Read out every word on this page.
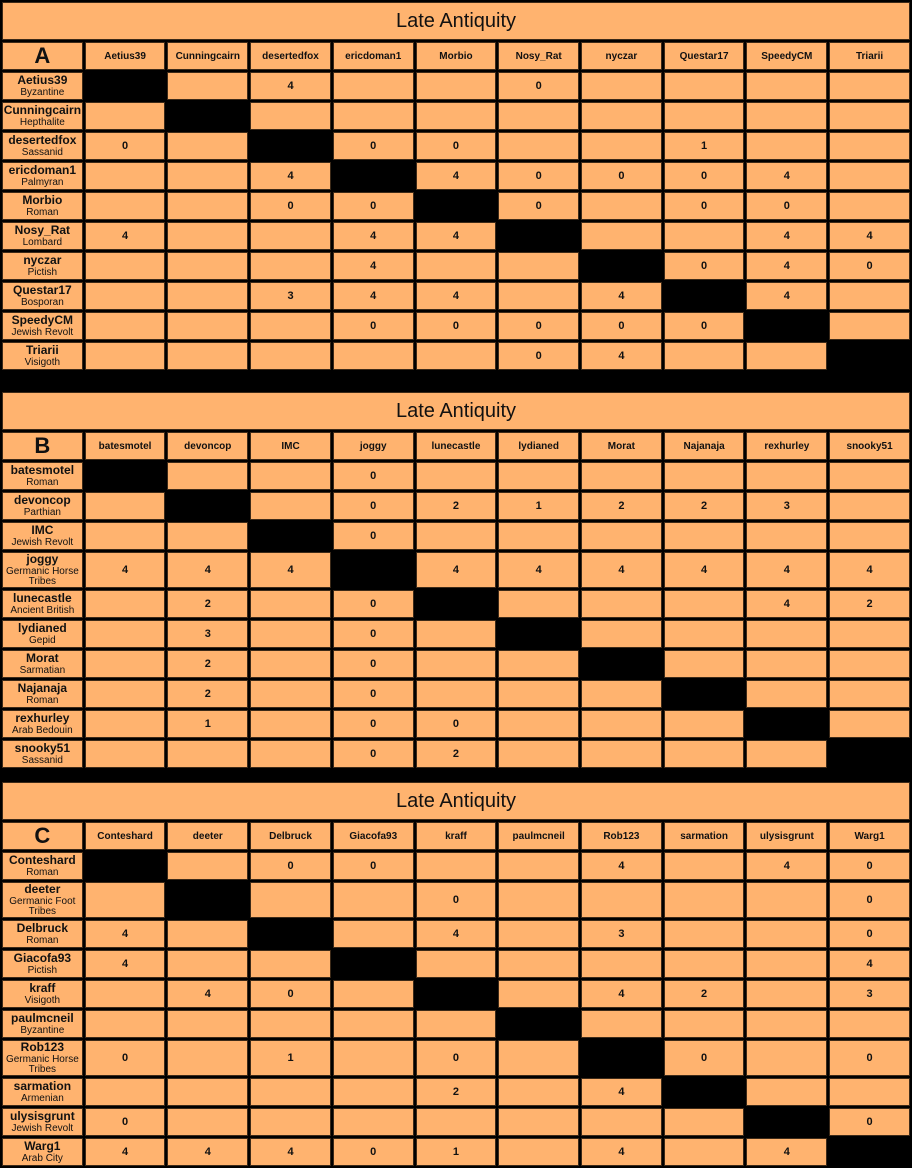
Late Antiquity										
A	Aetius39	Cunningcairn	desertedfox	ericdoman1	Morbio	Nosy_Rat	nyczar	Questar17	SpeedyCM	Triarii

Aetius39
Byzantine			4			0				

Cunningcairn
Hepthalite										

desertedfox
Sassanid	0			0	0			1		

ericdoman1
Palmyran			4		4	0	0	0	4	

Morbio
Roman			0	0		0		0	0	

Nosy_Rat
Lombard	4			4	4				4	4

nyczar
Pictish				4				0	4	0

Questar17
Bosporan			3	4	4		4		4	

SpeedyCM
Jewish Revolt				0	0	0	0	0		

Triarii
Visigoth						0	4			
Late Antiquity										
B	batesmotel	devoncop	IMC	joggy	lunecastle	lydianed	Morat	Najanaja	rexhurley	snooky51

batesmotel
Roman				0						

devoncop
Parthian				0	2	1	2	2	3	

IMC
Jewish Revolt				0						

joggy
Germanic Horse Tribes	4	4	4		4	4	4	4	4	4

lunecastle
Ancient British		2		0					4	2

lydianed
Gepid		3		0						

Morat
Sarmatian		2		0						

Najanaja
Roman		2		0						

rexhurley
Arab Bedouin		1		0	0					

snooky51
Sassanid				0	2					
Late Antiquity										
C	Conteshard	deeter	Delbruck	Giacofa93	kraff	paulmcneil	Rob123	sarmation	ulysisgrunt	Warg1

Conteshard
Roman			0	0			4		4	0

deeter
Germanic Foot Tribes					0					0

Delbruck
Roman	4				4		3			0

Giacofa93
Pictish	4									4

kraff
Visigoth		4	0				4	2		3

paulmcneil
Byzantine										

Rob123
Germanic Horse Tribes	0		1		0			0		0

sarmation
Armenian					2		4			

ulysisgrunt
Jewish Revolt	0									0

Warg1
Arab City	4	4	4	0	1		4		4	
